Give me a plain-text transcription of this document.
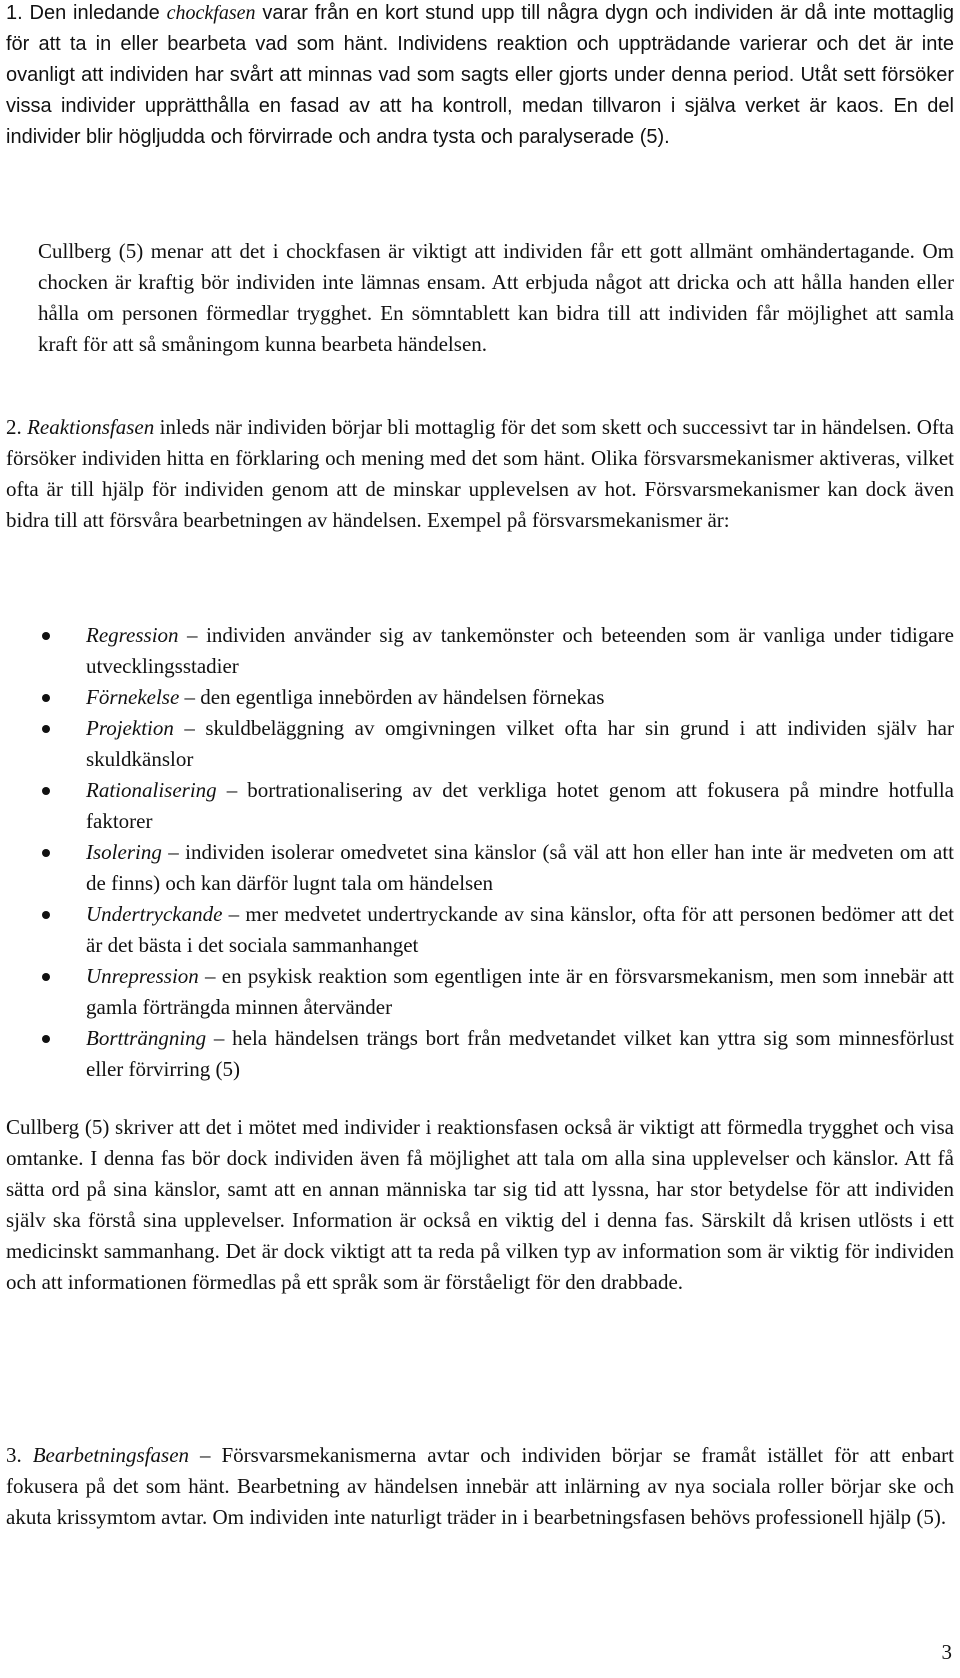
1. Den inledande chockfasen varar från en kort stund upp till några dygn och individen är då inte mottaglig för att ta in eller bearbeta vad som hänt. Individens reaktion och uppträdande varierar och det är inte ovanligt att individen har svårt att minnas vad som sagts eller gjorts under denna period. Utåt sett försöker vissa individer upprätthålla en fasad av att ha kontroll, medan tillvaron i själva verket är kaos. En del individer blir högljudda och förvirrade och andra tysta och paralyserade (5).

Cullberg (5) menar att det i chockfasen är viktigt att individen får ett gott allmänt omhändertagande. Om chocken är kraftig bör individen inte lämnas ensam. Att erbjuda något att dricka och att hålla handen eller hålla om personen förmedlar trygghet. En sömntablett kan bidra till att individen får möjlighet att samla kraft för att så småningom kunna bearbeta händelsen.

2. Reaktionsfasen inleds när individen börjar bli mottaglig för det som skett och successivt tar in händelsen. Ofta försöker individen hitta en förklaring och mening med det som hänt. Olika försvarsmekanismer aktiveras, vilket ofta är till hjälp för individen genom att de minskar upplevelsen av hot. Försvarsmekanismer kan dock även bidra till att försvåra bearbetningen av händelsen. Exempel på försvarsmekanismer är:

Regression – individen använder sig av tankemönster och beteenden som är vanliga under tidigare utvecklingsstadier
Förnekelse – den egentliga innebörden av händelsen förnekas
Projektion – skuldbeläggning av omgivningen vilket ofta har sin grund i att individen själv har skuldkänslor
Rationalisering – bortrationalisering av det verkliga hotet genom att fokusera på mindre hotfulla faktorer
Isolering – individen isolerar omedvetet sina känslor (så väl att hon eller han inte är medveten om att de finns) och kan därför lugnt tala om händelsen
Undertryckande – mer medvetet undertryckande av sina känslor, ofta för att personen bedömer att det är det bästa i det sociala sammanhanget
Unrepression – en psykisk reaktion som egentligen inte är en försvarsmekanism, men som innebär att gamla förträngda minnen återvänder
Bortträngning – hela händelsen trängs bort från medvetandet vilket kan yttra sig som minnesförlust eller förvirring (5)

Cullberg (5) skriver att det i mötet med individer i reaktionsfasen också är viktigt att förmedla trygghet och visa omtanke. I denna fas bör dock individen även få möjlighet att tala om alla sina upplevelser och känslor. Att få sätta ord på sina känslor, samt att en annan människa tar sig tid att lyssna, har stor betydelse för att individen själv ska förstå sina upplevelser. Information är också en viktig del i denna fas. Särskilt då krisen utlösts i ett medicinskt sammanhang. Det är dock viktigt att ta reda på vilken typ av information som är viktig för individen och att informationen förmedlas på ett språk som är förståeligt för den drabbade.

3. Bearbetningsfasen – Försvarsmekanismerna avtar och individen börjar se framåt istället för att enbart fokusera på det som hänt. Bearbetning av händelsen innebär att inlärning av nya sociala roller börjar ske och akuta krissymtom avtar. Om individen inte naturligt träder in i bearbetningsfasen behövs professionell hjälp (5).

3
